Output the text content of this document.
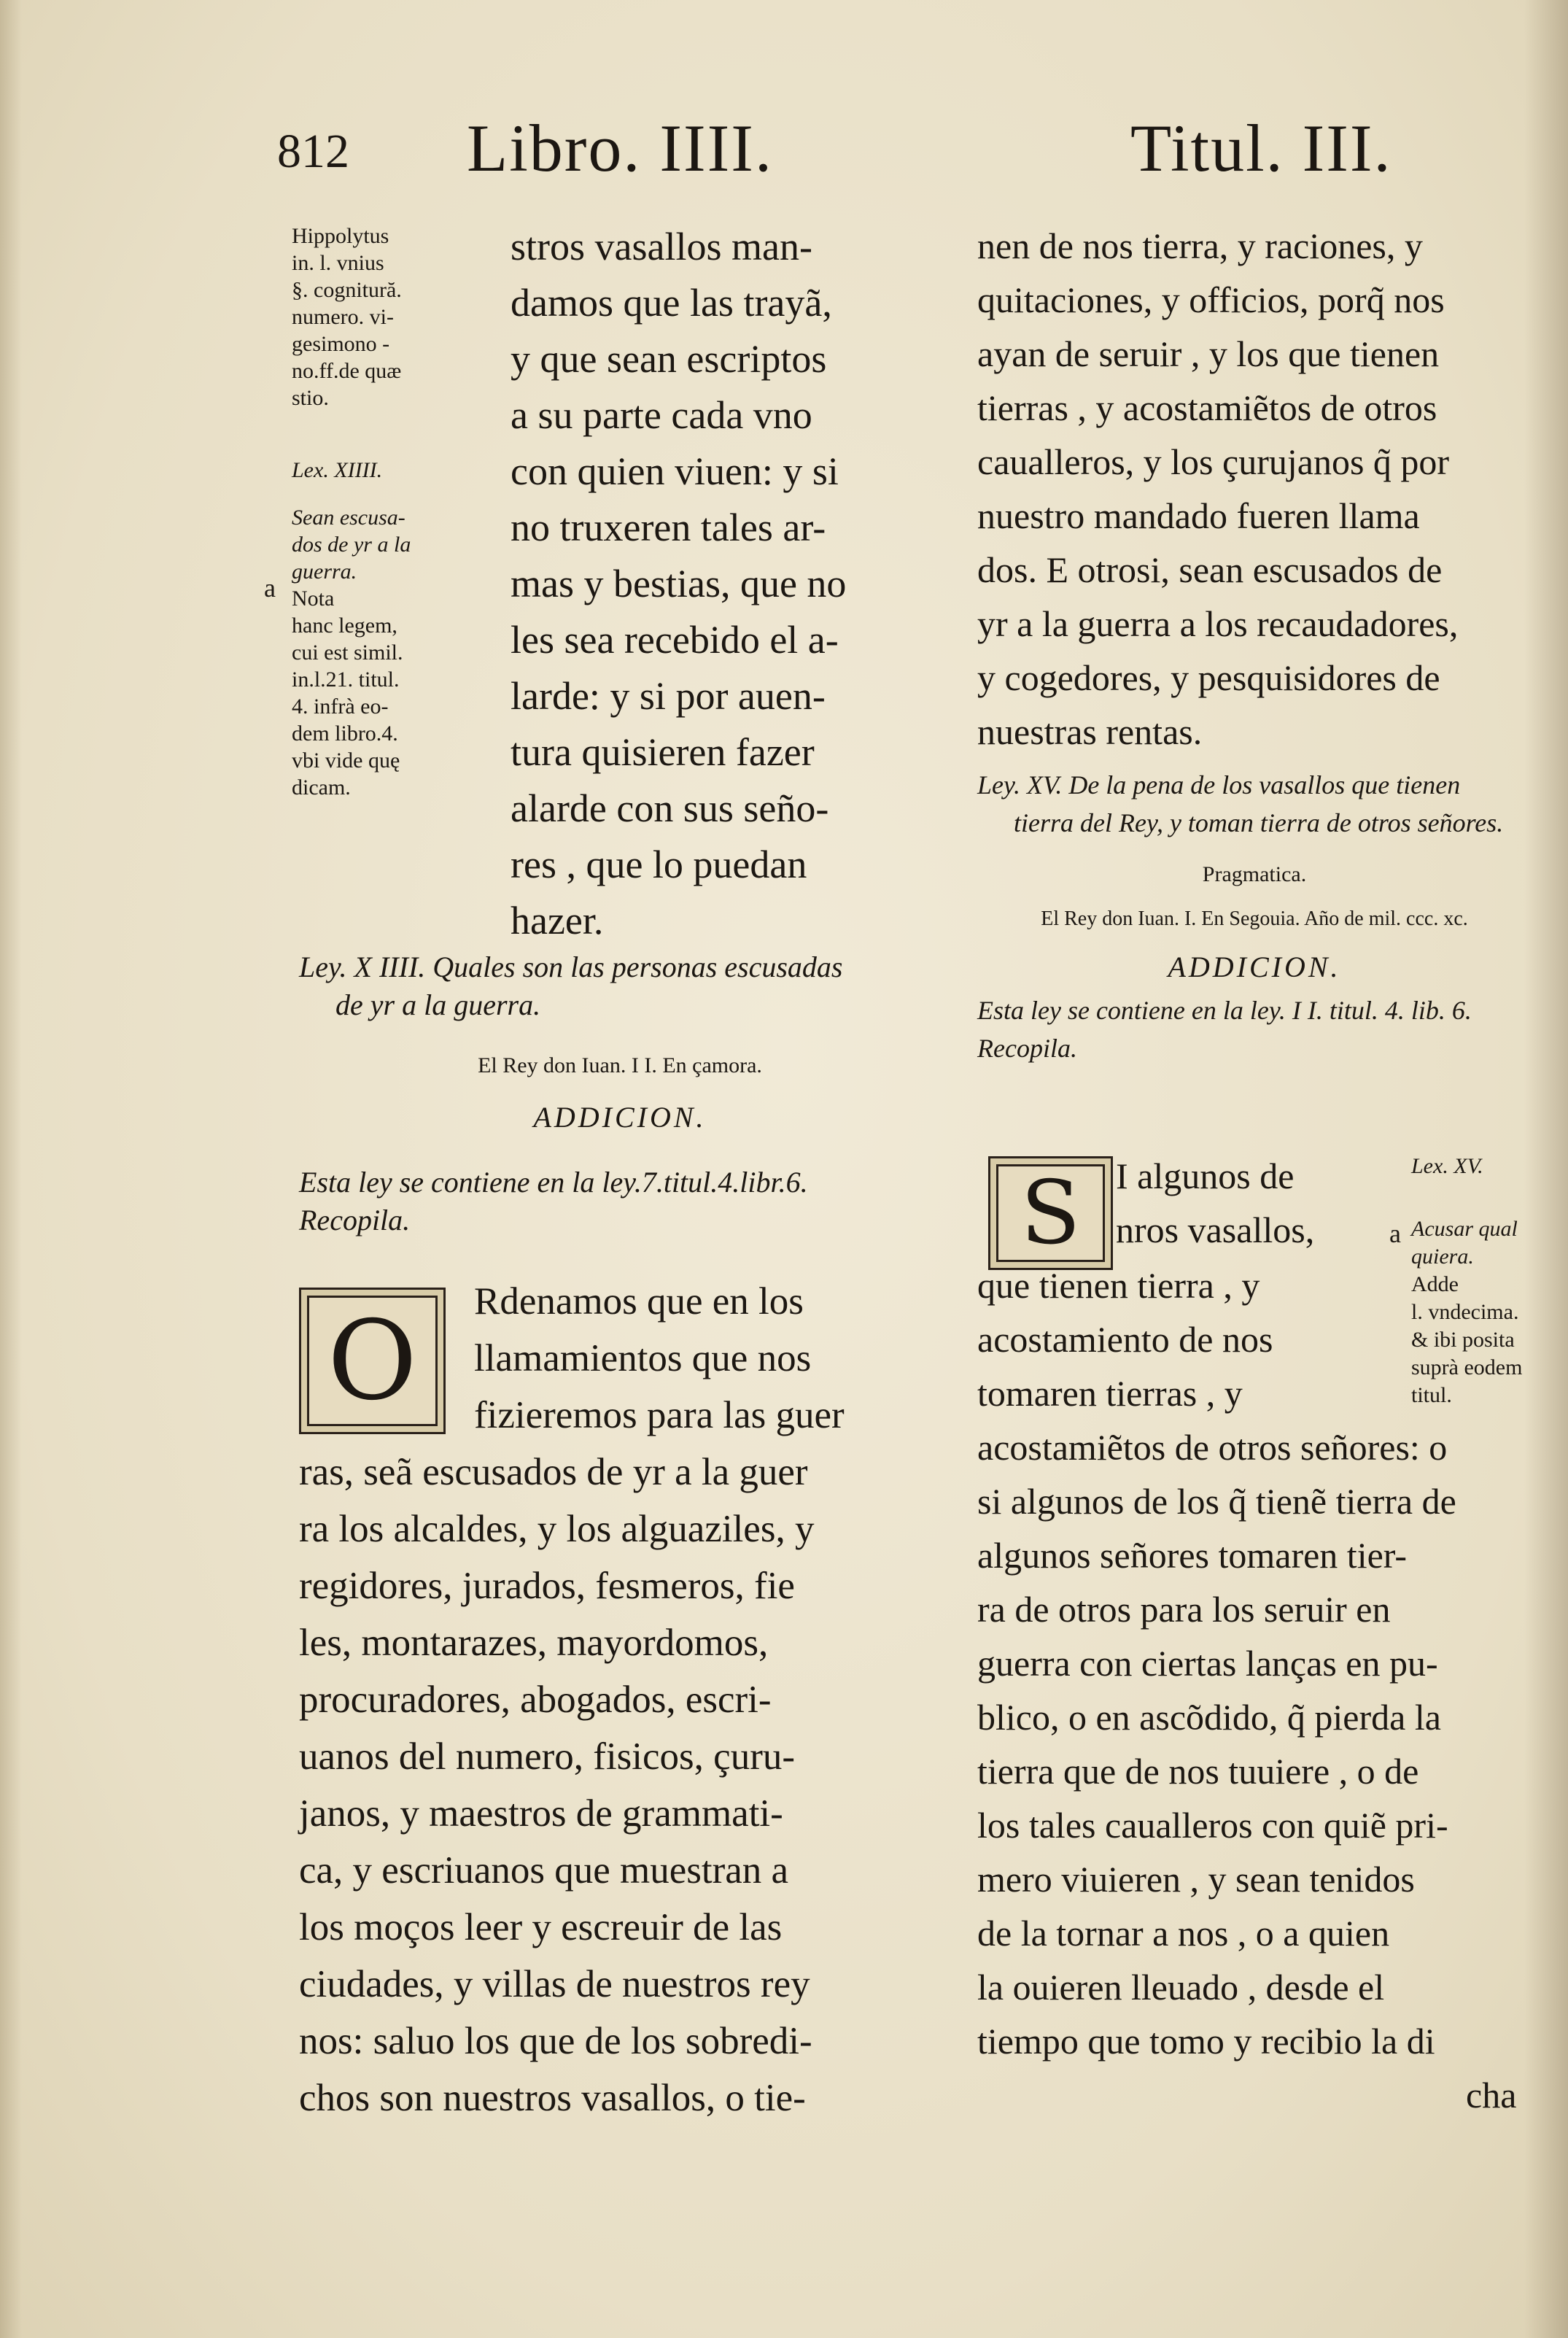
812 Libro. IIII.	Titul. III.
Hippolytus
in. l. vnius
§. cognitură.
numero. vi-
gesimono -
no.ff.de quæ
stio.
Lex. XIIII.
Sean escusa-
dos de yr a la
guerra.
Nota
hanc legem,
cui est simil.
in.l.21. titul.
4. infrà eo-
dem libro.4.
vbi vide quę
dicam.
a
stros vasallos man-
damos que las trayã,
y que sean escriptos
a su parte cada vno
con quien viuen: y si
no truxeren tales ar-
mas y bestias, que no
les sea recebido el a-
larde: y si por auen-
tura quisieren fazer
alarde con sus seño-
res , que lo puedan
hazer.
Ley. X IIII. Quales son las personas escusadas
de yr a la guerra.
El Rey don Iuan. I I. En çamora.
ADDICION.
Esta ley se contiene en la ley.7.titul.4.libr.6.
Recopila.
O	Rdenamos que en los
llamamientos que nos
fizieremos para las guer
ras, seã escusados de yr a la guer
ra los alcaldes, y los alguaziles, y
regidores, jurados, fesmeros, fie
les, montarazes, mayordomos,
procuradores, abogados, escri-
uanos del numero, fisicos, çuru-
janos, y maestros de grammati-
ca, y escriuanos que muestran a
los moços leer y escreuir de las
ciudades, y villas de nuestros rey
nos: saluo los que de los sobredi-
chos son nuestros vasallos, o tie-
nen de nos tierra, y raciones, y
quitaciones, y officios, porq̃ nos
ayan de seruir , y los que tienen
tierras , y acostamiẽtos de otros
caualleros, y los çurujanos q̃ por
nuestro mandado fueren llama
dos. E otrosi, sean escusados de
yr a la guerra a los recaudadores,
y cogedores, y pesquisidores de
nuestras rentas.
Ley. XV. De la pena de los vasallos que tienen
tierra del Rey, y toman tierra de otros señores.
Pragmatica.
El Rey don Iuan. I. En Segouia. Año de mil. ccc. xc.
ADDICION.
Esta ley se contiene en la ley. I I. titul. 4. lib. 6.
Recopila.
S I algunos de
nros vasallos,
que tienen tierra , y
acostamiento de nos
tomaren tierras , y
a
Lex. XV.
Acusar qual
quiera.
Adde
l. vndecima.
& ibi posita
suprà eodem
titul.
acostamiẽtos de otros señores: o
si algunos de los q̃ tienẽ tierra de
algunos señores tomaren tier-
ra de otros para los seruir en
guerra con ciertas lanças en pu-
blico, o en ascõdido, q̃ pierda la
tierra que de nos tuuiere , o de
los tales caualleros con quiẽ pri-
mero viuieren , y sean tenidos
de la tornar a nos , o a quien
la ouieren lleuado , desde el
tiempo que tomo y recibio la di
cha
